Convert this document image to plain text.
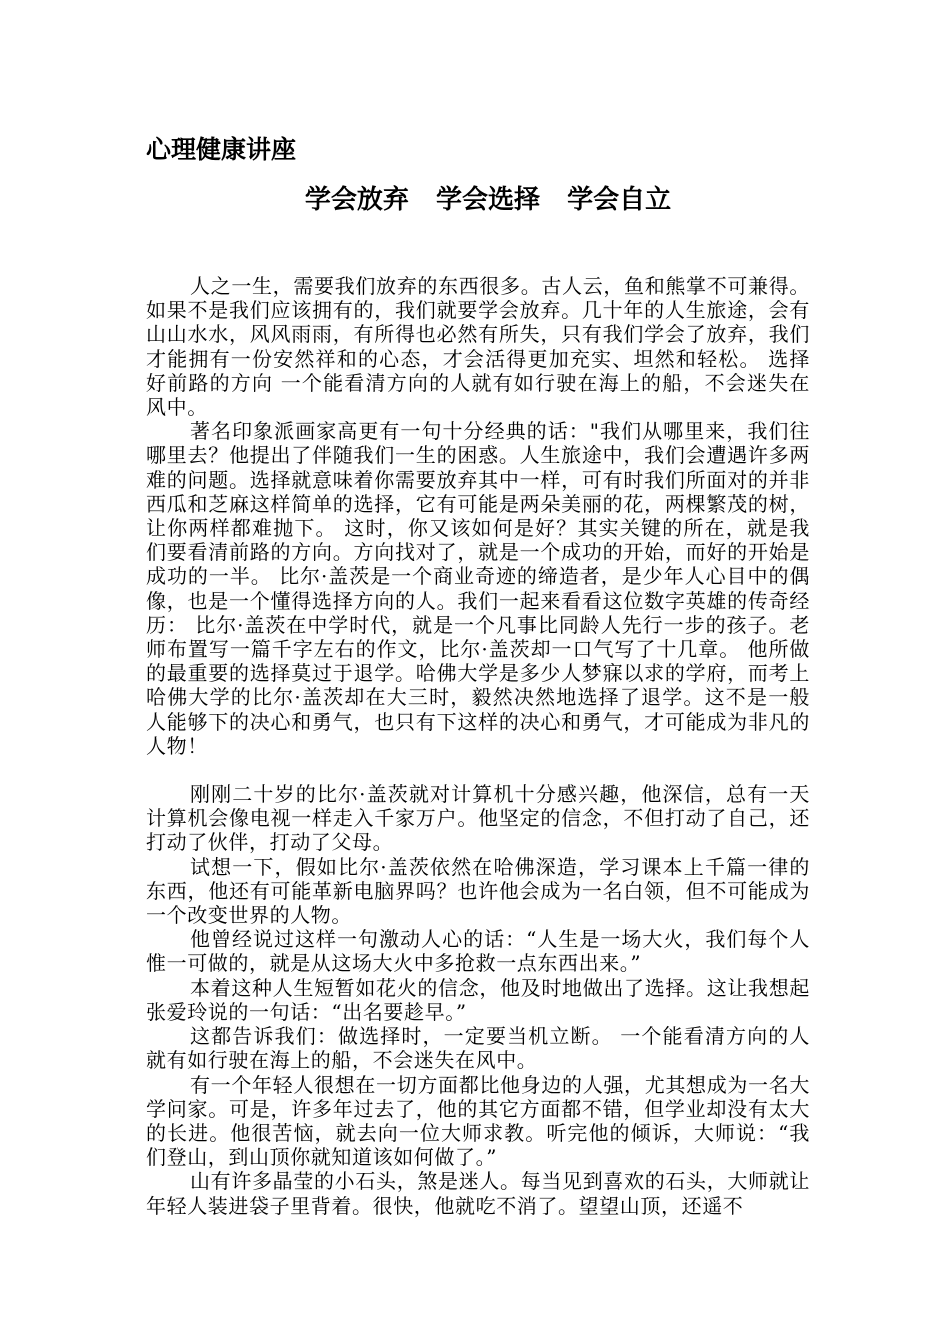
心理健康讲座
学会放弃   学会选择   学会自立

人之一生，需要我们放弃的东西很多。古人云，鱼和熊掌不可兼得。如果不是我们应该拥有的，我们就要学会放弃。几十年的人生旅途，会有山山水水，风风雨雨，有所得也必然有所失，只有我们学会了放弃，我们才能拥有一份安然祥和的心态，才会活得更加充实、坦然和轻松。 选择好前路的方向 一个能看清方向的人就有如行驶在海上的船，不会迷失在风中。

著名印象派画家高更有一句十分经典的话："我们从哪里来，我们往哪里去？他提出了伴随我们一生的困惑。人生旅途中，我们会遭遇许多两难的问题。选择就意味着你需要放弃其中一样，可有时我们所面对的并非西瓜和芝麻这样简单的选择，它有可能是两朵美丽的花，两棵繁茂的树，让你两样都难抛下。 这时，你又该如何是好？其实关键的所在，就是我们要看清前路的方向。方向找对了，就是一个成功的开始，而好的开始是成功的一半。 比尔·盖茨是一个商业奇迹的缔造者，是少年人心目中的偶像，也是一个懂得选择方向的人。我们一起来看看这位数字英雄的传奇经历： 比尔·盖茨在中学时代，就是一个凡事比同龄人先行一步的孩子。老师布置写一篇千字左右的作文，比尔·盖茨却一口气写了十几章。 他所做的最重要的选择莫过于退学。哈佛大学是多少人梦寐以求的学府，而考上哈佛大学的比尔·盖茨却在大三时，毅然决然地选择了退学。这不是一般人能够下的决心和勇气，也只有下这样的决心和勇气，才可能成为非凡的人物！

刚刚二十岁的比尔·盖茨就对计算机十分感兴趣，他深信，总有一天计算机会像电视一样走入千家万户。他坚定的信念，不但打动了自己，还打动了伙伴，打动了父母。

试想一下，假如比尔·盖茨依然在哈佛深造，学习课本上千篇一律的东西，他还有可能革新电脑界吗？也许他会成为一名白领，但不可能成为一个改变世界的人物。

他曾经说过这样一句激动人心的话：“人生是一场大火，我们每个人惟一可做的，就是从这场大火中多抢救一点东西出来。”

本着这种人生短暂如花火的信念，他及时地做出了选择。这让我想起张爱玲说的一句话：“出名要趁早。”

这都告诉我们：做选择时，一定要当机立断。 一个能看清方向的人就有如行驶在海上的船，不会迷失在风中。

有一个年轻人很想在一切方面都比他身边的人强，尤其想成为一名大学问家。可是，许多年过去了，他的其它方面都不错，但学业却没有太大的长进。他很苦恼，就去向一位大师求教。听完他的倾诉，大师说：“我们登山，到山顶你就知道该如何做了。”

山有许多晶莹的小石头，煞是迷人。每当见到喜欢的石头，大师就让年轻人装进袋子里背着。很快，他就吃不消了。望望山顶，还遥不
